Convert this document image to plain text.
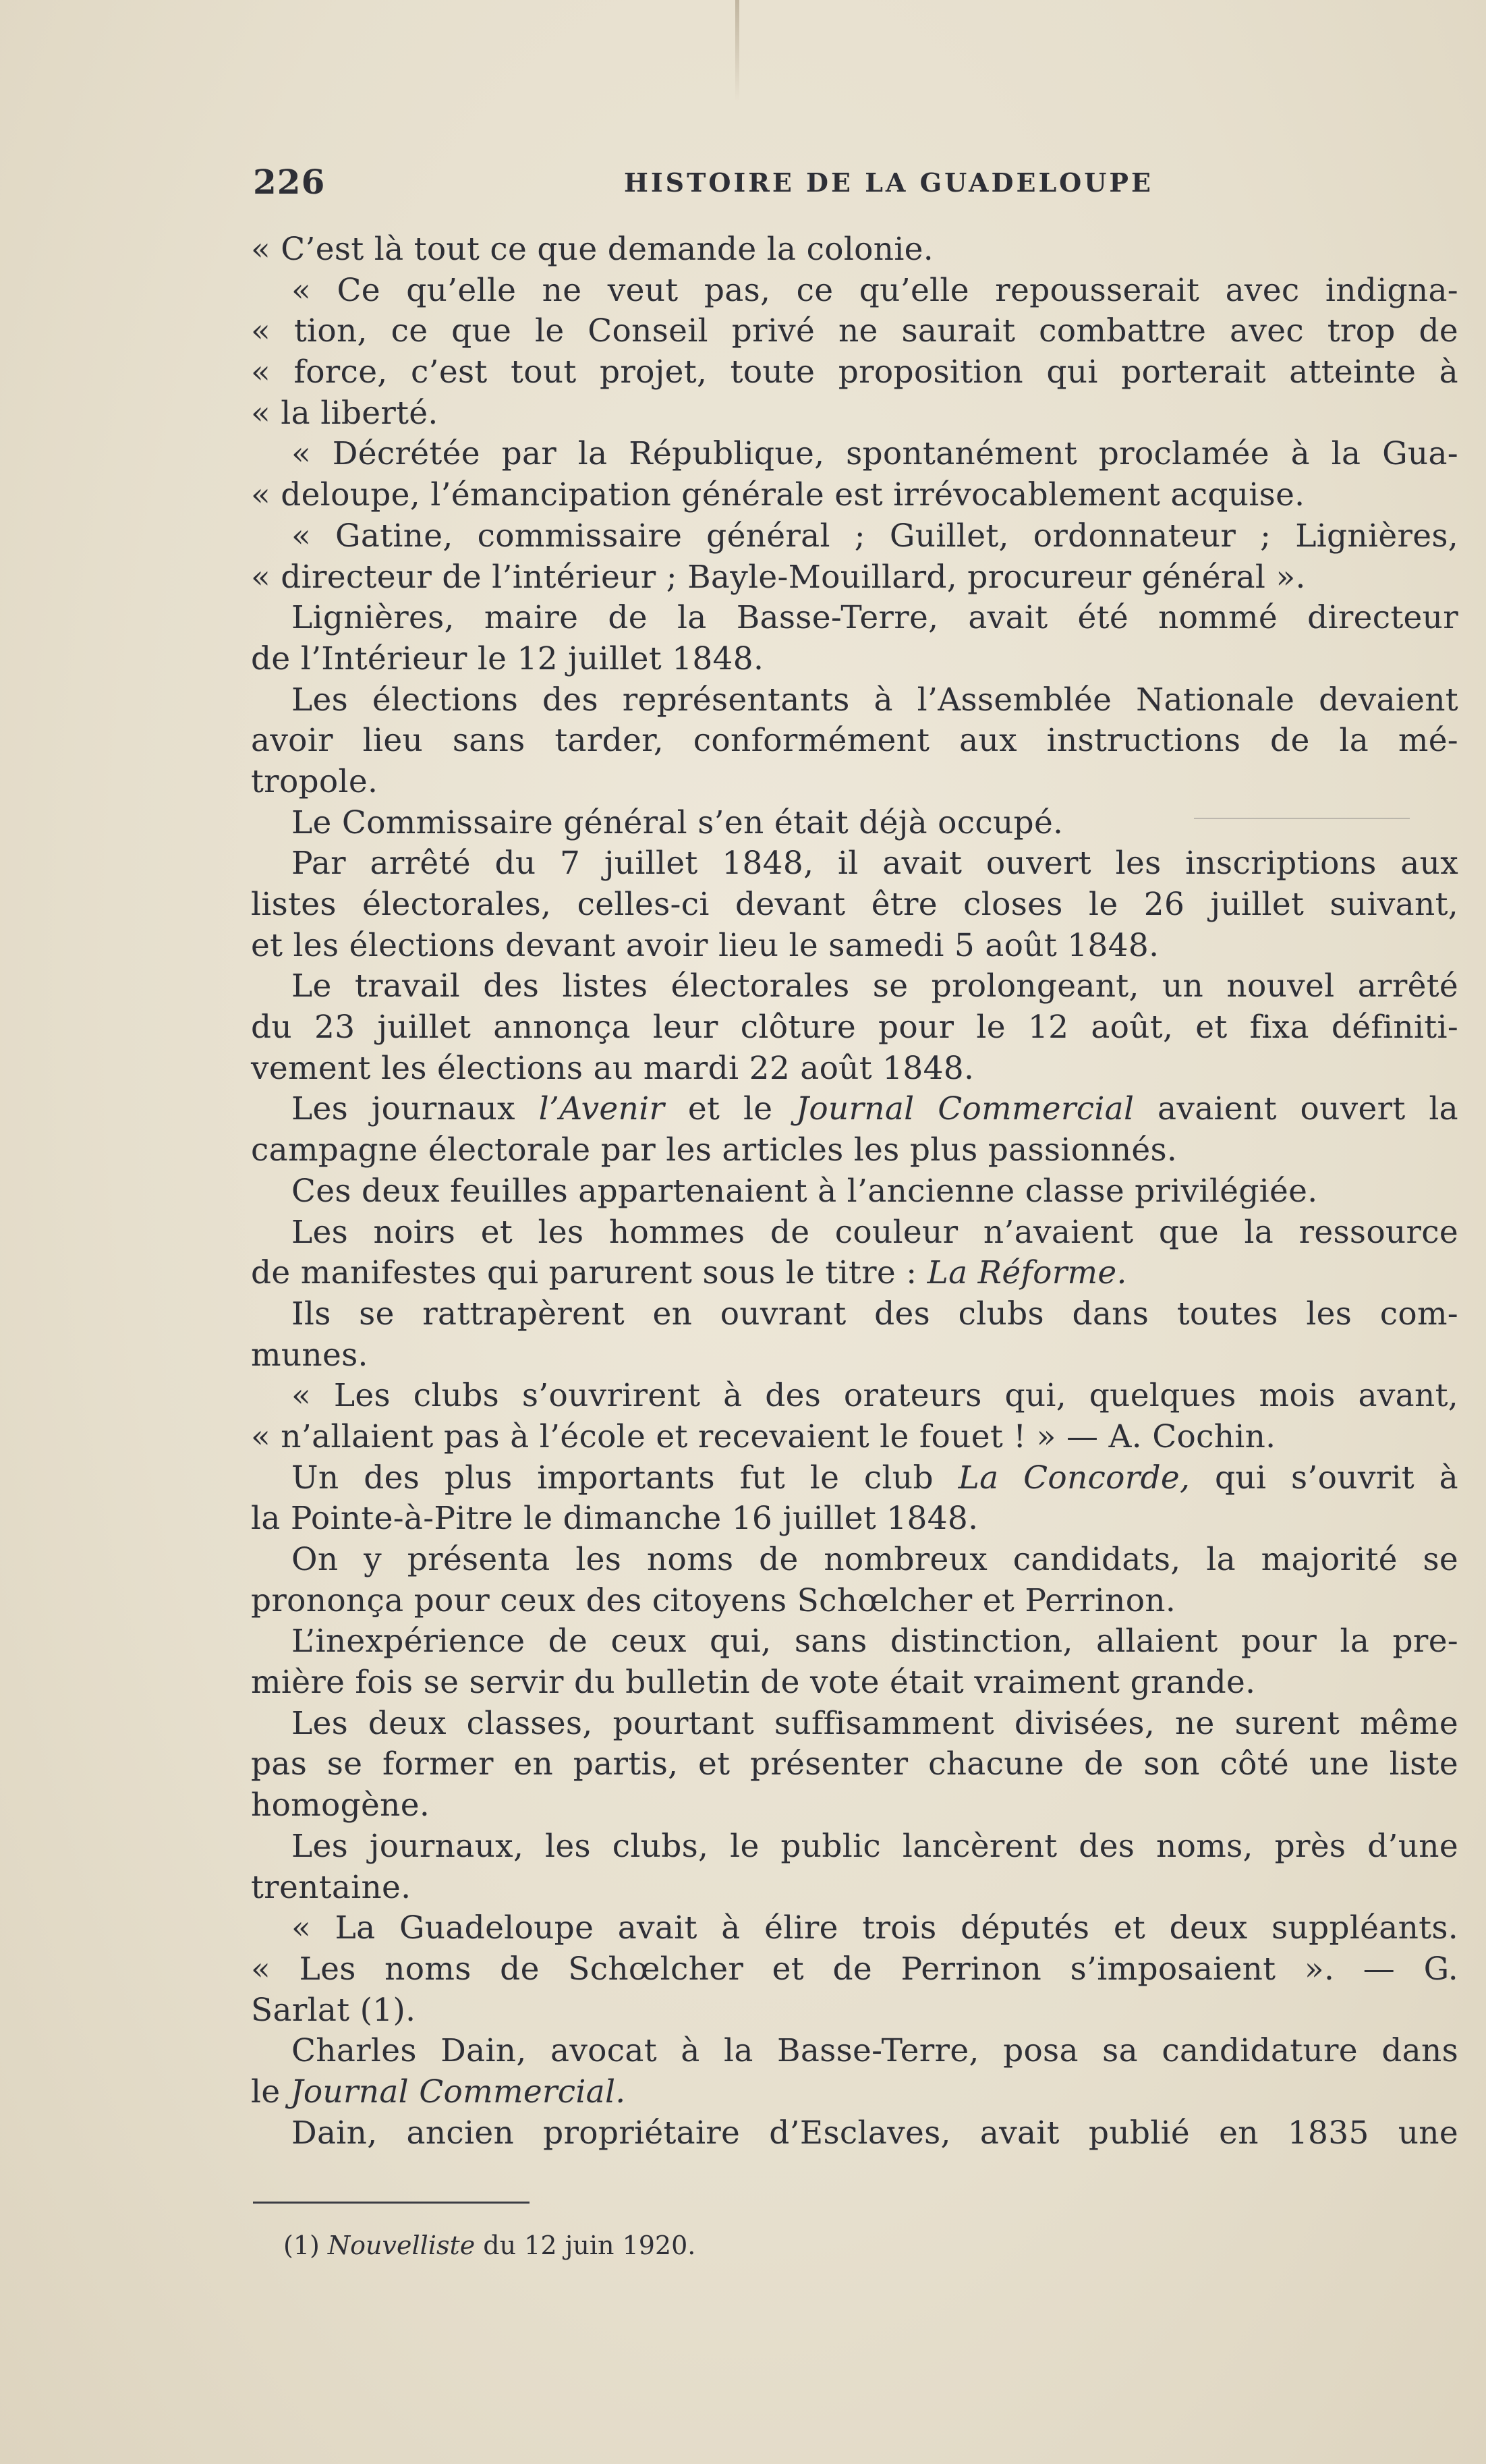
226	HISTOIRE DE LA GUADELOUPE
« C’est là tout ce que demande la colonie.
« Ce qu’elle ne veut pas, ce qu’elle repousserait avec indigna-
« tion, ce que le Conseil privé ne saurait combattre avec trop de
« force, c’est tout projet, toute proposition qui porterait atteinte à
« la liberté.
« Décrétée par la République, spontanément proclamée à la Gua-
« deloupe, l’émancipation générale est irrévocablement acquise.
« Gatine, commissaire général ; Guillet, ordonnateur ; Lignières,
« directeur de l’intérieur ; Bayle-Mouillard, procureur général ».
Lignières, maire de la Basse-Terre, avait été nommé directeur
de l’Intérieur le 12 juillet 1848.
Les élections des représentants à l’Assemblée Nationale devaient
avoir lieu sans tarder, conformément aux instructions de la mé-
tropole.
Le Commissaire général s’en était déjà occupé.
Par arrêté du 7 juillet 1848, il avait ouvert les inscriptions aux
listes électorales, celles-ci devant être closes le 26 juillet suivant,
et les élections devant avoir lieu le samedi 5 août 1848.
Le travail des listes électorales se prolongeant, un nouvel arrêté
du 23 juillet annonça leur clôture pour le 12 août, et fixa définiti-
vement les élections au mardi 22 août 1848.
Les journaux l’Avenir et le Journal Commercial avaient ouvert la
campagne électorale par les articles les plus passionnés.
Ces deux feuilles appartenaient à l’ancienne classe privilégiée.
Les noirs et les hommes de couleur n’avaient que la ressource
de manifestes qui parurent sous le titre : La Réforme.
Ils se rattrapèrent en ouvrant des clubs dans toutes les com-
munes.
« Les clubs s’ouvrirent à des orateurs qui, quelques mois avant,
« n’allaient pas à l’école et recevaient le fouet ! » — A. Cochin.
Un des plus importants fut le club La Concorde, qui s’ouvrit à
la Pointe-à-Pitre le dimanche 16 juillet 1848.
On y présenta les noms de nombreux candidats, la majorité se
prononça pour ceux des citoyens Schœlcher et Perrinon.
L’inexpérience de ceux qui, sans distinction, allaient pour la pre-
mière fois se servir du bulletin de vote était vraiment grande.
Les deux classes, pourtant suffisamment divisées, ne surent même
pas se former en partis, et présenter chacune de son côté une liste
homogène.
Les journaux, les clubs, le public lancèrent des noms, près d’une
trentaine.
« La Guadeloupe avait à élire trois députés et deux suppléants.
« Les noms de Schœlcher et de Perrinon s’imposaient ». — G.
Sarlat (1).
Charles Dain, avocat à la Basse-Terre, posa sa candidature dans
le Journal Commercial.
Dain, ancien propriétaire d’Esclaves, avait publié en 1835 une
(1) Nouvelliste du 12 juin 1920.
